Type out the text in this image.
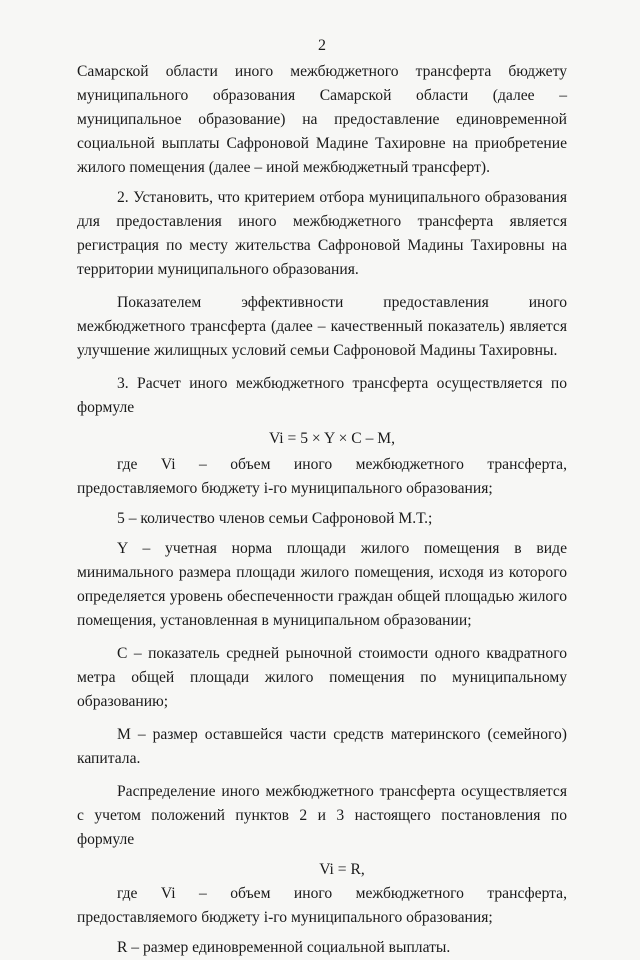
2

Самарской области иного межбюджетного трансферта бюджету муниципального образования Самарской области (далее – муниципальное образование) на предоставление единовременной социальной выплаты Сафроновой Мадине Тахировне на приобретение жилого помещения (далее – иной межбюджетный трансферт).

2. Установить, что критерием отбора муниципального образования для предоставления иного межбюджетного трансферта является регистрация по месту жительства Сафроновой Мадины Тахировны на территории муниципального образования.

Показателем эффективности предоставления иного межбюджетного трансферта (далее – качественный показатель) является улучшение жилищных условий семьи Сафроновой Мадины Тахировны.

3. Расчет иного межбюджетного трансферта осуществляется по формуле

Vi = 5 × Y × C – M,

где Vi – объем иного межбюджетного трансферта, предоставляемого бюджету i-го муниципального образования;

5 – количество членов семьи Сафроновой М.Т.;

Y – учетная норма площади жилого помещения в виде минимального размера площади жилого помещения, исходя из которого определяется уровень обеспеченности граждан общей площадью жилого помещения, установленная в муниципальном образовании;

C – показатель средней рыночной стоимости одного квадратного метра общей площади жилого помещения по муниципальному образованию;

M – размер оставшейся части средств материнского (семейного) капитала.

Распределение иного межбюджетного трансферта осуществляется с учетом положений пунктов 2 и 3 настоящего постановления по формуле

Vi = R,

где Vi – объем иного межбюджетного трансферта, предоставляемого бюджету i-го муниципального образования;

R – размер единовременной социальной выплаты.
